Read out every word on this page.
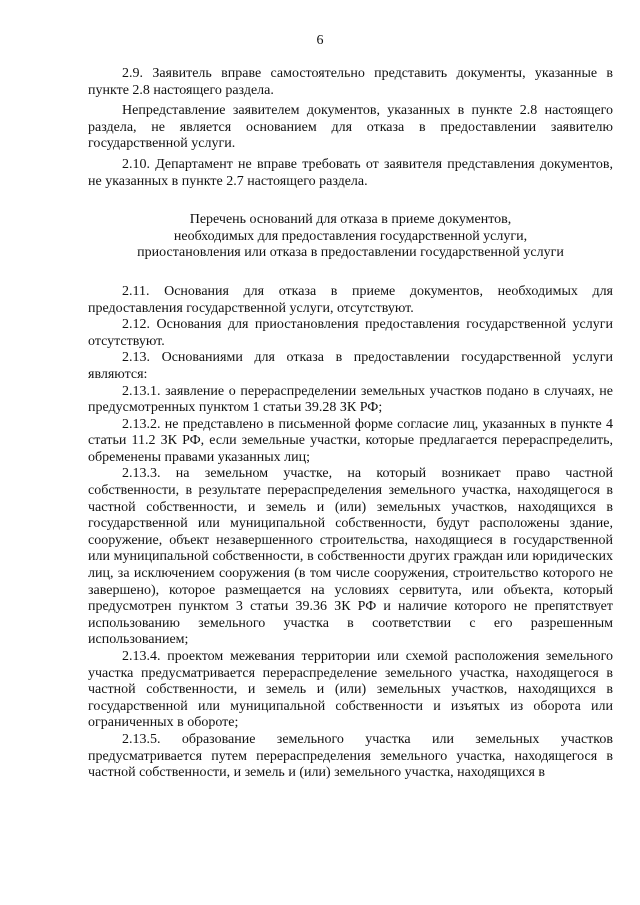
6

2.9. Заявитель вправе самостоятельно представить документы, указанные в пункте 2.8 настоящего раздела.

Непредставление заявителем документов, указанных в пункте 2.8 настоящего раздела, не является основанием для отказа в предоставлении заявителю государственной услуги.

2.10. Департамент не вправе требовать от заявителя представления документов, не указанных в пункте 2.7 настоящего раздела.

Перечень оснований для отказа в приеме документов,
необходимых для предоставления государственной услуги,
приостановления или отказа в предоставлении государственной услуги

2.11. Основания для отказа в приеме документов, необходимых для предоставления государственной услуги, отсутствуют.

2.12. Основания для приостановления предоставления государственной услуги отсутствуют.

2.13. Основаниями для отказа в предоставлении государственной услуги являются:

2.13.1. заявление о перераспределении земельных участков подано в случаях, не предусмотренных пунктом 1 статьи 39.28 ЗК РФ;

2.13.2. не представлено в письменной форме согласие лиц, указанных в пункте 4 статьи 11.2 ЗК РФ, если земельные участки, которые предлагается перераспределить, обременены правами указанных лиц;

2.13.3. на земельном участке, на который возникает право частной собственности, в результате перераспределения земельного участка, находящегося в частной собственности, и земель и (или) земельных участков, находящихся в государственной или муниципальной собственности, будут расположены здание, сооружение, объект незавершенного строительства, находящиеся в государственной или муниципальной собственности, в собственности других граждан или юридических лиц, за исключением сооружения (в том числе сооружения, строительство которого не завершено), которое размещается на условиях сервитута, или объекта, который предусмотрен пунктом 3 статьи 39.36 ЗК РФ и наличие которого не препятствует использованию земельного участка в соответствии с его разрешенным использованием;

2.13.4. проектом межевания территории или схемой расположения земельного участка предусматривается перераспределение земельного участка, находящегося в частной собственности, и земель и (или) земельных участков, находящихся в государственной или муниципальной собственности и изъятых из оборота или ограниченных в обороте;

2.13.5. образование земельного участка или земельных участков предусматривается путем перераспределения земельного участка, находящегося в частной собственности, и земель и (или) земельного участка, находящихся в
